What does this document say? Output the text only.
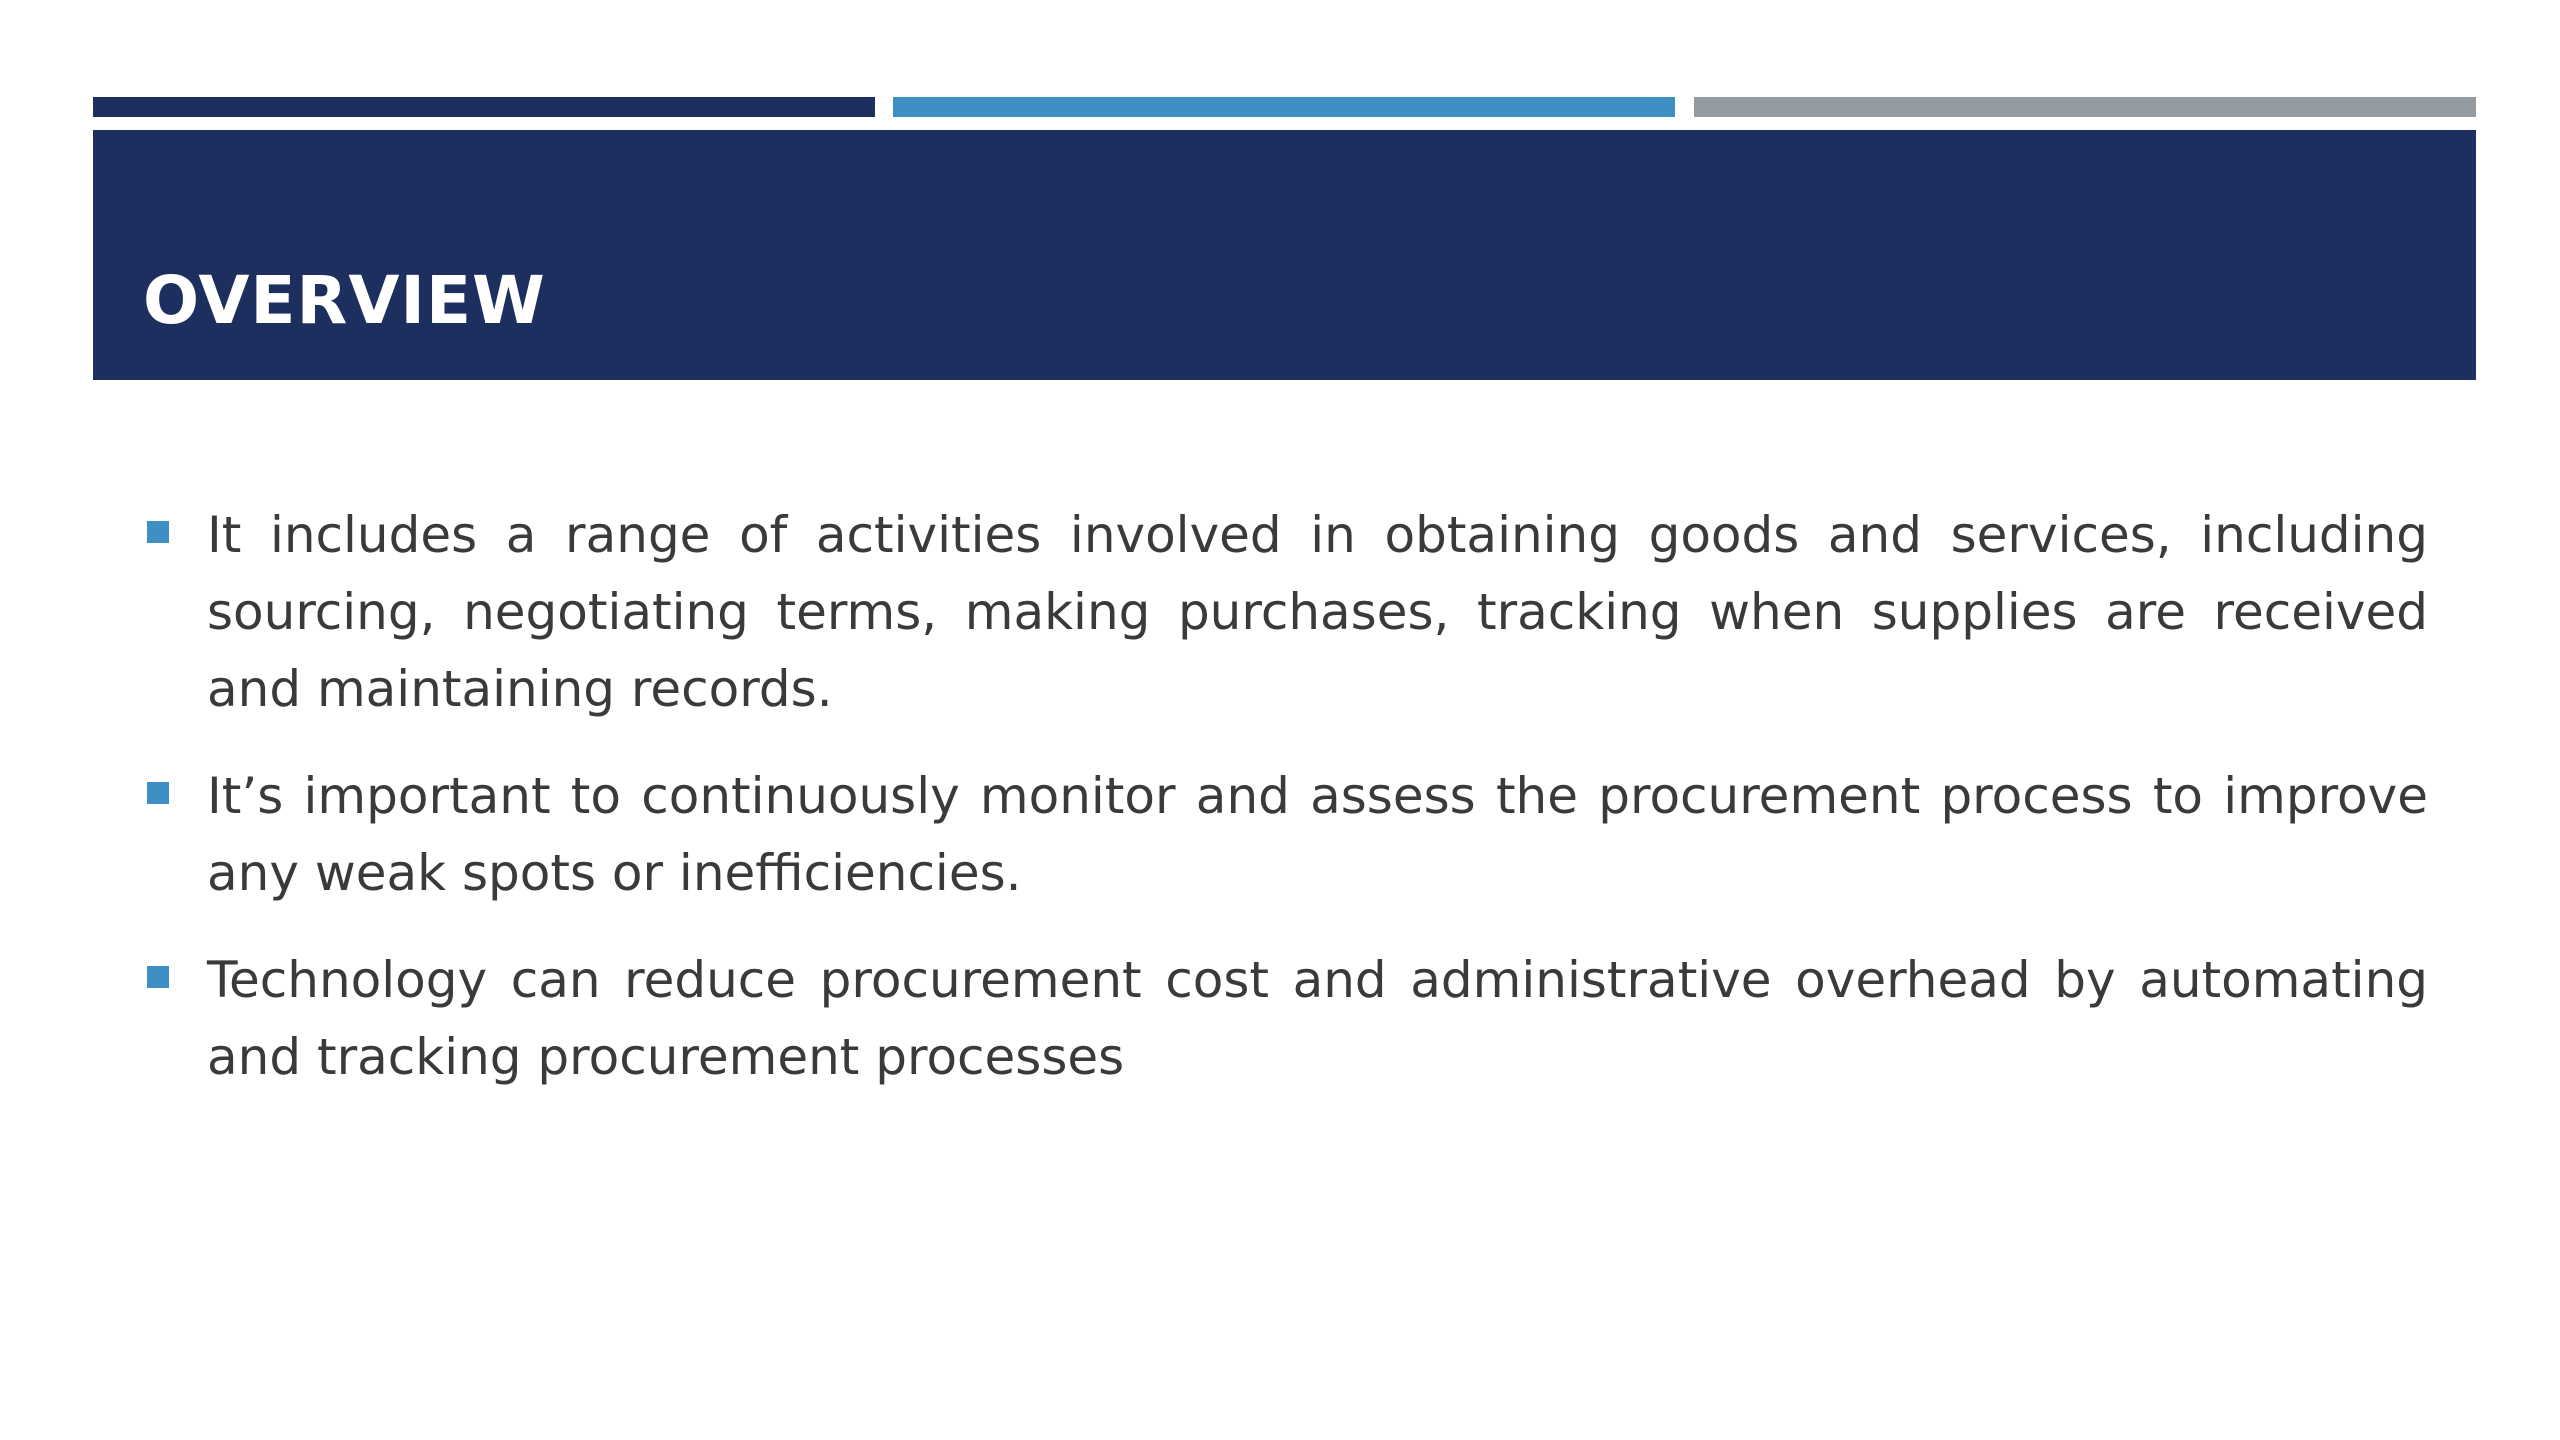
OVERVIEW
It includes a range of activities involved in obtaining goods and services, including sourcing, negotiating terms, making purchases, tracking when supplies are received and maintaining records.
It’s important to continuously monitor and assess the procurement process to improve any weak spots or inefficiencies.
Technology can reduce procurement cost and administrative overhead by automating and tracking procurement processes
